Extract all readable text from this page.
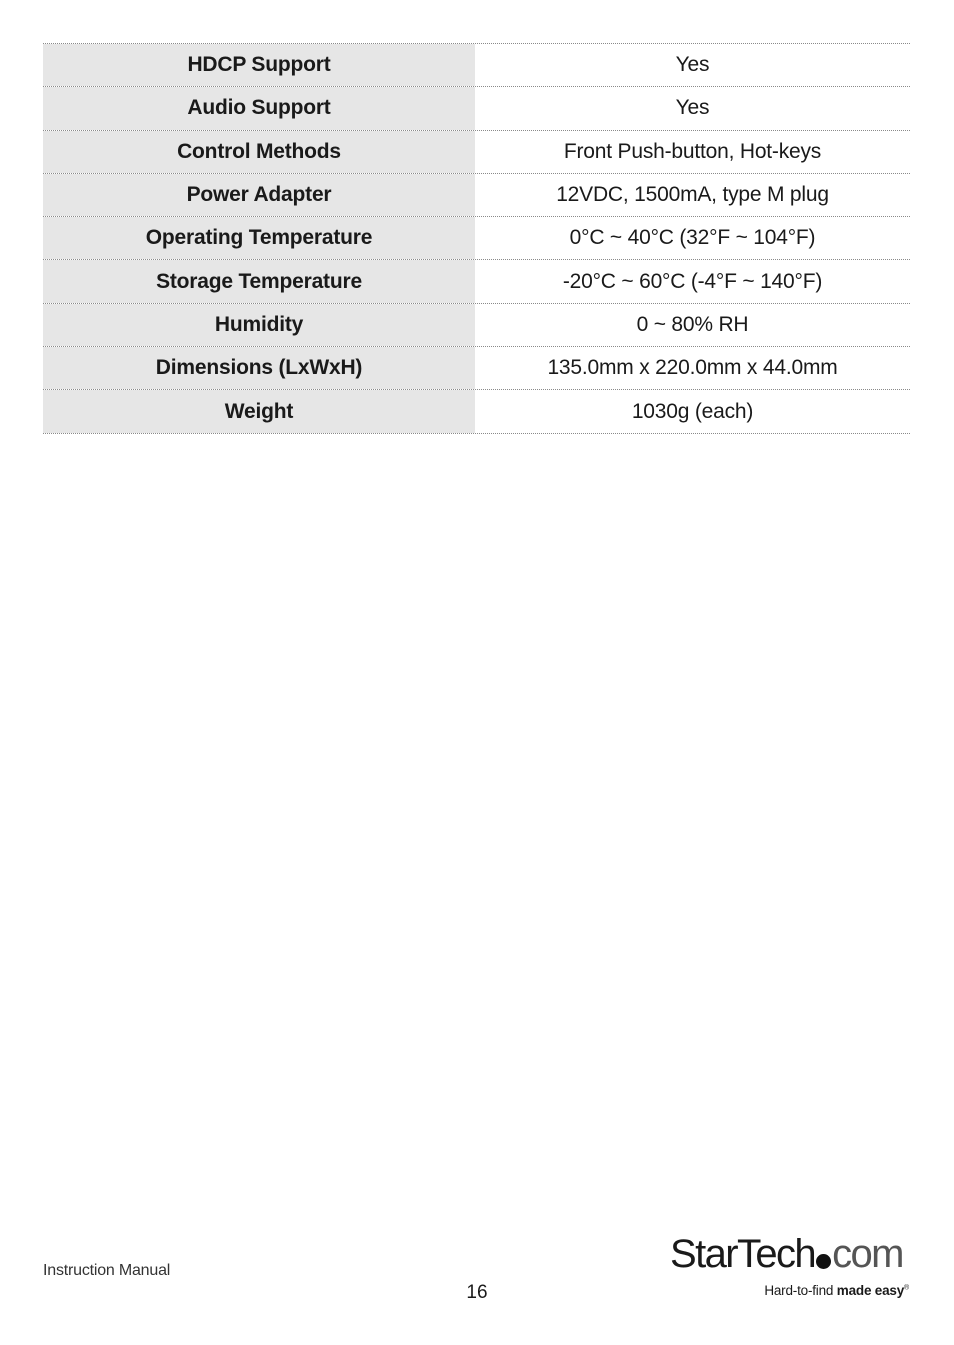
HDCP Support	Yes
Audio Support	Yes
Control Methods	Front Push-button, Hot-keys
Power Adapter	12VDC, 1500mA, type M plug
Operating Temperature	0°C ~ 40°C (32°F ~ 104°F)
Storage Temperature	-20°C ~ 60°C (-4°F ~ 140°F)
Humidity	0 ~ 80% RH
Dimensions (LxWxH)	135.0mm x 220.0mm x 44.0mm
Weight	1030g (each)
Instruction Manual
16
StarTech com
Hard-to-find made easy®
